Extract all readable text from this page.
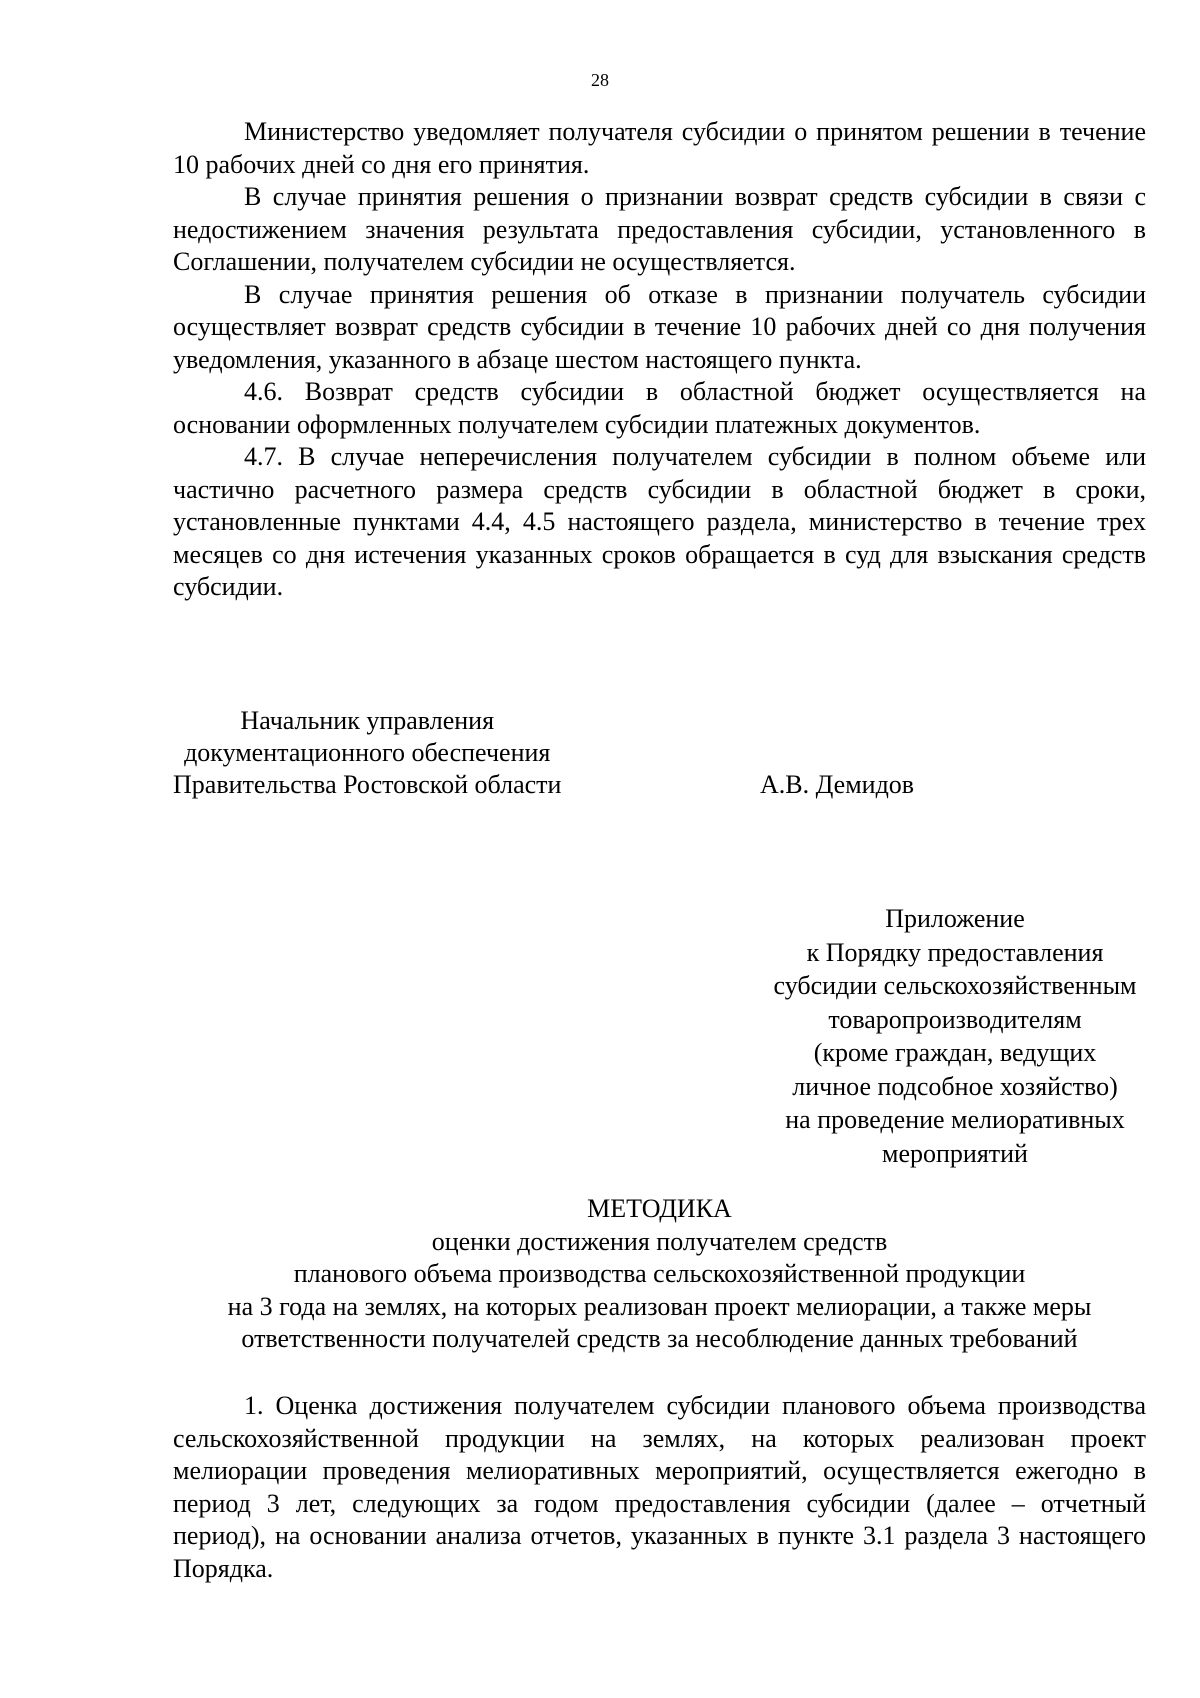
28

Министерство уведомляет получателя субсидии о принятом решении в течение 10 рабочих дней со дня его принятия.

В случае принятия решения о признании возврат средств субсидии в связи с недостижением значения результата предоставления субсидии, установленного в Соглашении, получателем субсидии не осуществляется.

В случае принятия решения об отказе в признании получатель субсидии осуществляет возврат средств субсидии в течение 10 рабочих дней со дня получения уведомления, указанного в абзаце шестом настоящего пункта.

4.6. Возврат средств субсидии в областной бюджет осуществляется на основании оформленных получателем субсидии платежных документов.

4.7. В случае неперечисления получателем субсидии в полном объеме или частично расчетного размера средств субсидии в областной бюджет в сроки, установленные пунктами 4.4, 4.5 настоящего раздела, министерство в течение трех месяцев со дня истечения указанных сроков обращается в суд для взыскания средств субсидии.

Начальник управления
документационного обеспечения
Правительства Ростовской области	А.В. Демидов
Приложение
к Порядку предоставления
субсидии сельскохозяйственным
товаропроизводителям
(кроме граждан, ведущих
личное подсобное хозяйство)
на проведение мелиоративных
мероприятий
МЕТОДИКА
оценки достижения получателем средств
планового объема производства сельскохозяйственной продукции
на 3 года на землях, на которых реализован проект мелиорации, а также меры
ответственности получателей средств за несоблюдение данных требований

1. Оценка достижения получателем субсидии планового объема производства сельскохозяйственной продукции на землях, на которых реализован проект мелиорации проведения мелиоративных мероприятий, осуществляется ежегодно в период 3 лет, следующих за годом предоставления субсидии (далее – отчетный период), на основании анализа отчетов, указанных в пункте 3.1 раздела 3 настоящего Порядка.
